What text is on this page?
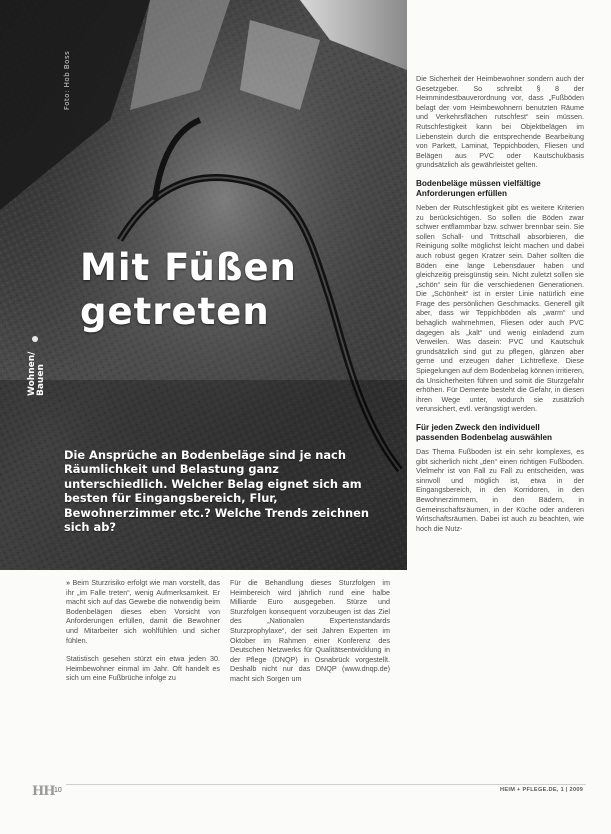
Foto: Hob Boss
Wohnen/ Bauen
Mit Füßen
getreten

Die Ansprüche an Bodenbeläge sind je nach Räumlichkeit und Belastung ganz unterschiedlich. Welcher Belag eignet sich am besten für Eingangsbereich, Flur, Bewohnerzimmer etc.? Welche Trends zeichnen sich ab?

Die Sicherheit der Heimbewohner sondern auch der Gesetzgeber. So schreibt § 8 der Heimmindestbauverordnung vor, dass „Fußböden belagt der vom Heimbewohnern benutzten Räume und Verkehrsflächen rutschfest“ sein müssen. Rutschfestigkeit kann bei Objektbelägen im Liebenstein durch die entsprechende Bearbeitung von Parkett, Laminat, Teppichboden, Fliesen und Belägen aus PVC oder Kautschukbasis grundsätzlich als gewährleistet gelten.

Bodenbeläge müssen vielfältige Anforderungen erfüllen

Neben der Rutschfestigkeit gibt es weitere Kriterien zu berücksichtigen. So sollen die Böden zwar schwer entflammbar bzw. schwer brennbar sein. Sie sollen Schall- und Trittschall absorbieren, die Reinigung sollte möglichst leicht machen und dabei auch robust gegen Kratzer sein. Daher sollten die Böden eine lange Lebensdauer haben und gleichzeitig preisgünstig sein. Nicht zuletzt sollen sie „schön“ sein für die verschiedenen Generationen. Die „Schönheit“ ist in erster Linie natürlich eine Frage des persönlichen Geschmacks. Generell gilt aber, dass wir Teppichböden als „warm“ und behaglich wahrnehmen, Fliesen oder auch PVC dagegen als „kalt“ und wenig einladend zum Verweilen. Was dasein: PVC und Kautschuk grundsätzlich sind gut zu pflegen, glänzen aber gerne und erzeugen daher Lichtreflexe. Diese Spiegelungen auf dem Bodenbelag können irritieren, da Unsicherheiten führen und somit die Sturzgefahr erhöhen. Für Demente besteht die Gefahr, in diesen ihren Wege unter, wodurch sie zusätzlich verunsichert, evtl. verängstigt werden.

Für jeden Zweck den individuell passenden Bodenbelag auswählen

Das Thema Fußboden ist ein sehr komplexes, es gibt sicherlich nicht „den“ einen richtigen Fußboden. Vielmehr ist von Fall zu Fall zu entscheiden, was sinnvoll und möglich ist, etwa in der Eingangsbereich, in den Korridoren, in den Bewohnerzimmern, in den Bädern, in Gemeinschaftsräumen, in der Küche oder anderen Wirtschaftsräumen. Dabei ist auch zu beachten, wie hoch die Nutz-

» Beim Sturzrisiko erfolgt wie man vorstellt, das ihr „im Falle treten“, wenig Aufmerksamkeit. Er macht sich auf das Gewebe die notwendig beim Bodenbelägen dieses eben Vorsicht von Anforderungen erfüllen, damit die Bewohner und Mitarbeiter sich wohlfühlen und sicher fühlen.

Statistisch gesehen stürzt ein etwa jeden 30. Heimbewohner einmal im Jahr. Oft handelt es sich um eine Fußbrüche infolge zu

Für die Behandlung dieses Sturzfolgen im Heimbereich wird jährlich rund eine halbe Milliarde Euro ausgegeben. Stürze und Sturzfolgen konsequent vorzubeugen ist das Ziel des „Nationalen Expertenstandards Sturzprophylaxe“, der seit Jahren Experten im Oktober im Rahmen einer Konferenz des Deutschen Netzwerks für Qualitätsentwicklung in der Pflege (DNQP) in Osnabrück vorgestellt. Deshalb nicht nur das DNQP (www.dnqp.de) macht sich Sorgen um

HH 10	HEIM + PFLEGE.DE, 1 | 2009
